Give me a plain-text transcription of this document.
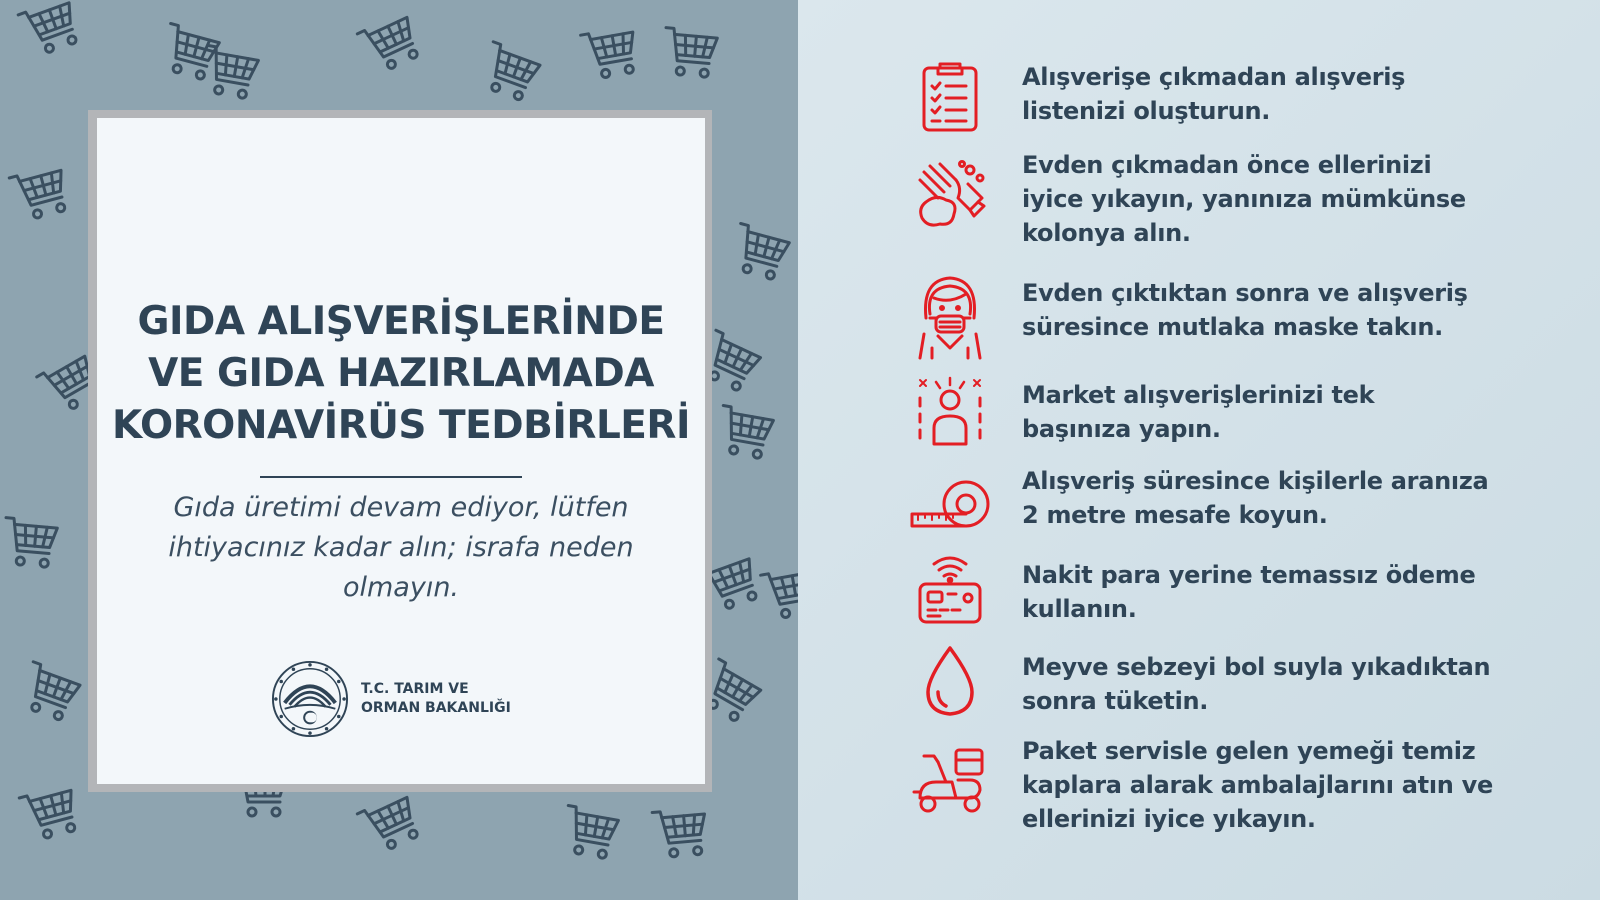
GIDA ALIŞVERİŞLERİNDE
VE GIDA HAZIRLAMADA
KORONAVİRÜS TEDBİRLERİ
Gıda üretimi devam ediyor, lütfen
ihtiyacınız kadar alın; israfa neden
olmayın.
T.C. TARIM VE
ORMAN BAKANLIĞI
Alışverişe çıkmadan alışveriş
listenizi oluşturun.
Evden çıkmadan önce ellerinizi
iyice yıkayın, yanınıza mümkünse
kolonya alın.
Evden çıktıktan sonra ve alışveriş
süresince mutlaka maske takın.
Market alışverişlerinizi tek
başınıza yapın.
Alışveriş süresince kişilerle aranıza
2 metre mesafe koyun.
Nakit para yerine temassız ödeme
kullanın.
Meyve sebzeyi bol suyla yıkadıktan
sonra tüketin.
Paket servisle gelen yemeği temiz
kaplara alarak ambalajlarını atın ve
ellerinizi iyice yıkayın.
